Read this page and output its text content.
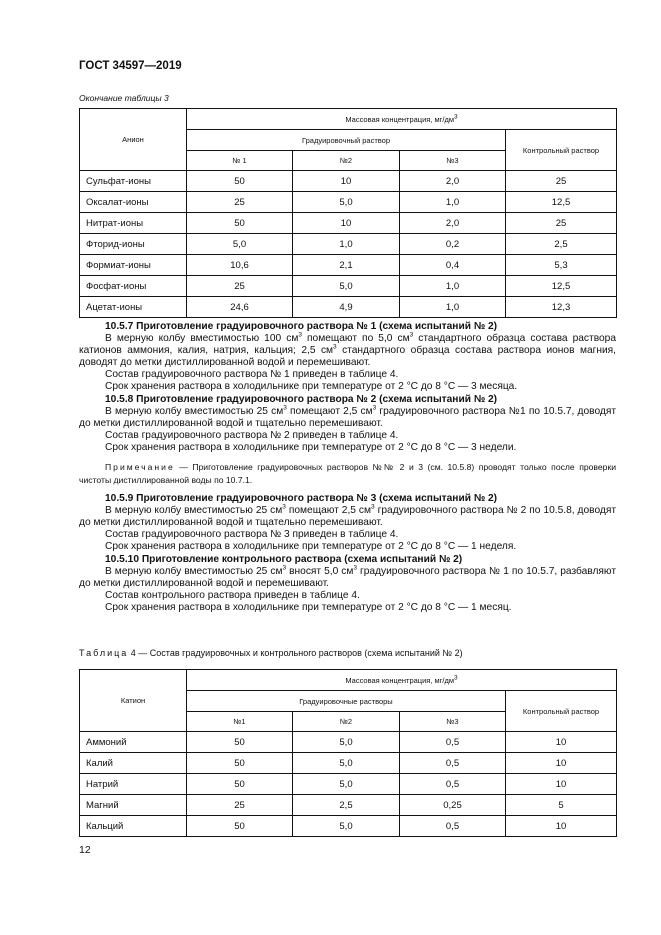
ГОСТ 34597—2019
Окончание таблицы 3
Анион	Массовая концентрация, $мг/дм^3$
	Градуировочный раствор			Контрольный раствор
	№ 1	№2	№3	
Сульфат-ионы	50	10	2,0	25
Оксалат-ионы	25	5,0	1,0	12,5
Нитрат-ионы	50	10	2,0	25
Фторид-ионы	5,0	1,0	0,2	2,5
Формиат-ионы	10,6	2,1	0,4	5,3
Фосфат-ионы	25	5,0	1,0	12,5
Ацетат-ионы	24,6	4,9	1,0	12,3

10.5.7 Приготовление градуировочного раствора № 1 (схема испытаний № 2)

В мерную колбу вместимостью 100 $см^3$ помещают по 5,0 $см^3$ стандартного образца состава раствора катионов аммония, калия, натрия, кальция; 2,5 $см^3$ стандартного образца состава раствора ионов магния, доводят до метки дистиллированной водой и перемешивают.

Состав градуировочного раствора № 1 приведен в таблице 4.

Срок хранения раствора в холодильнике при температуре от 2 °С до 8 °С — 3 месяца.

10.5.8 Приготовление градуировочного раствора № 2 (схема испытаний № 2)

В мерную колбу вместимостью 25 $см^3$ помещают 2,5 $см^3$ градуировочного раствора №1 по 10.5.7, доводят до метки дистиллированной водой и тщательно перемешивают.

Состав градуировочного раствора № 2 приведен в таблице 4.

Срок хранения раствора в холодильнике при температуре от 2 °С до 8 °С — 3 недели.

Примечание — Приготовление градуировочных растворов №№ 2 и 3 (см. 10.5.8) проводят только после проверки чистоты дистиллированной воды по 10.7.1.

10.5.9 Приготовление градуировочного раствора № 3 (схема испытаний № 2)

В мерную колбу вместимостью 25 $см^3$ помещают 2,5 $см^3$ градуировочного раствора № 2 по 10.5.8, доводят до метки дистиллированной водой и тщательно перемешивают.

Состав градуировочного раствора № 3 приведен в таблице 4.

Срок хранения раствора в холодильнике при температуре от 2 °С до 8 °С — 1 неделя.

10.5.10 Приготовление контрольного раствора (схема испытаний № 2)

В мерную колбу вместимостью 25 $см^3$ вносят 5,0 $см^3$ градуировочного раствора № 1 по 10.5.7, разбавляют до метки дистиллированной водой и перемешивают.

Состав контрольного раствора приведен в таблице 4.

Срок хранения раствора в холодильнике при температуре от 2 °С до 8 °С — 1 месяц.

Таблица 4 — Состав градуировочных и контрольного растворов (схема испытаний № 2)
Катион	Массовая концентрация, $мг/дм^3$
	Градуировочные растворы			Контрольный раствор
	№1	№2	№3	
Аммоний	50	5,0	0,5	10
Калий	50	5,0	0,5	10
Натрий	50	5,0	0,5	10
Магний	25	2,5	0,25	5
Кальций	50	5,0	0,5	10
12
